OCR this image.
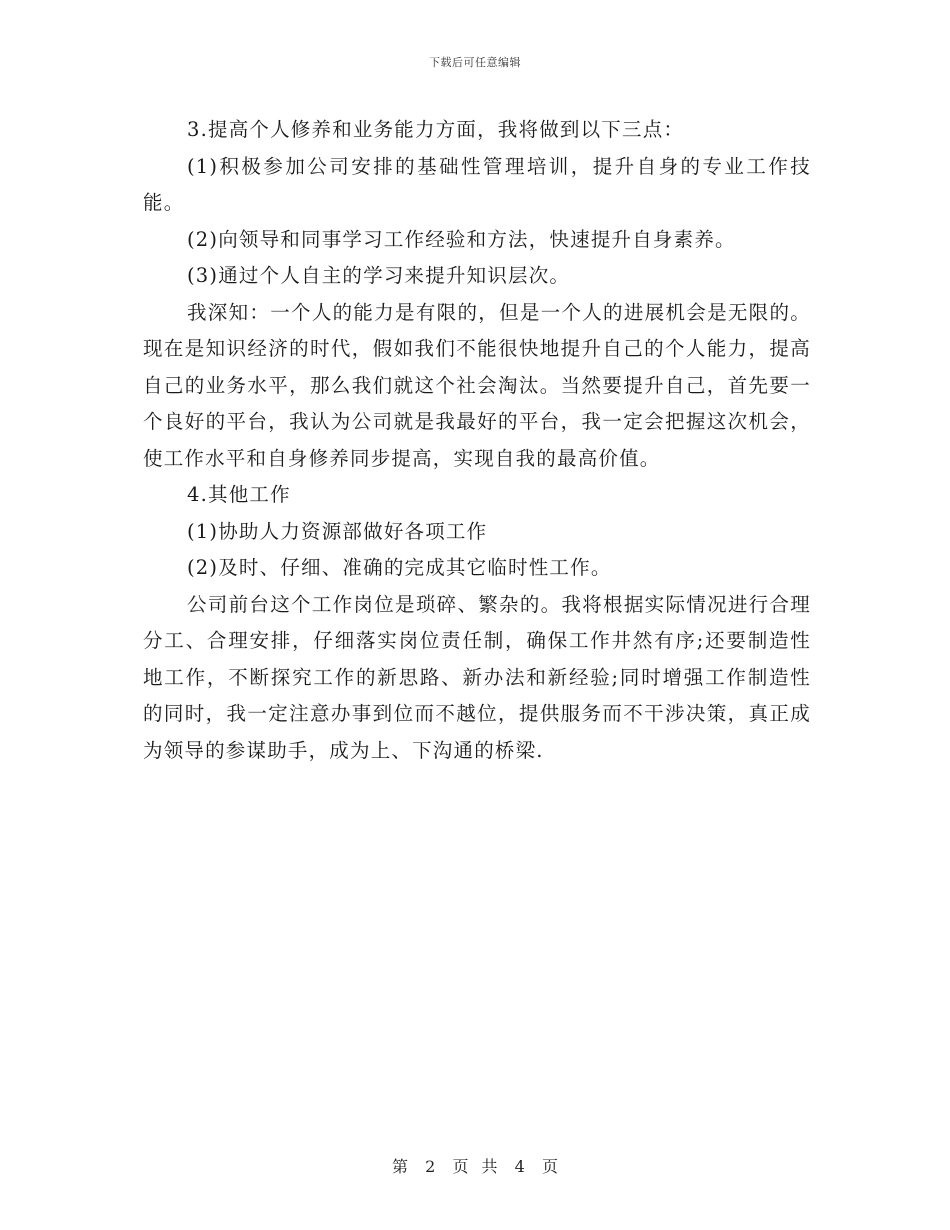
下载后可任意编辑

3.提高个人修养和业务能力方面，我将做到以下三点：

(1)积极参加公司安排的基础性管理培训，提升自身的专业工作技能。

(2)向领导和同事学习工作经验和方法，快速提升自身素养。

(3)通过个人自主的学习来提升知识层次。

我深知：一个人的能力是有限的，但是一个人的进展机会是无限的。现在是知识经济的时代，假如我们不能很快地提升自己的个人能力，提高自己的业务水平，那么我们就这个社会淘汰。当然要提升自己，首先要一个良好的平台，我认为公司就是我最好的平台，我一定会把握这次机会，使工作水平和自身修养同步提高，实现自我的最高价值。

4.其他工作

(1)协助人力资源部做好各项工作

(2)及时、仔细、准确的完成其它临时性工作。

公司前台这个工作岗位是琐碎、繁杂的。我将根据实际情况进行合理分工、合理安排，仔细落实岗位责任制，确保工作井然有序;还要制造性地工作，不断探究工作的新思路、新办法和新经验;同时增强工作制造性的同时，我一定注意办事到位而不越位，提供服务而不干涉决策，真正成为领导的参谋助手，成为上、下沟通的桥梁.

第 2 页 共 4 页
